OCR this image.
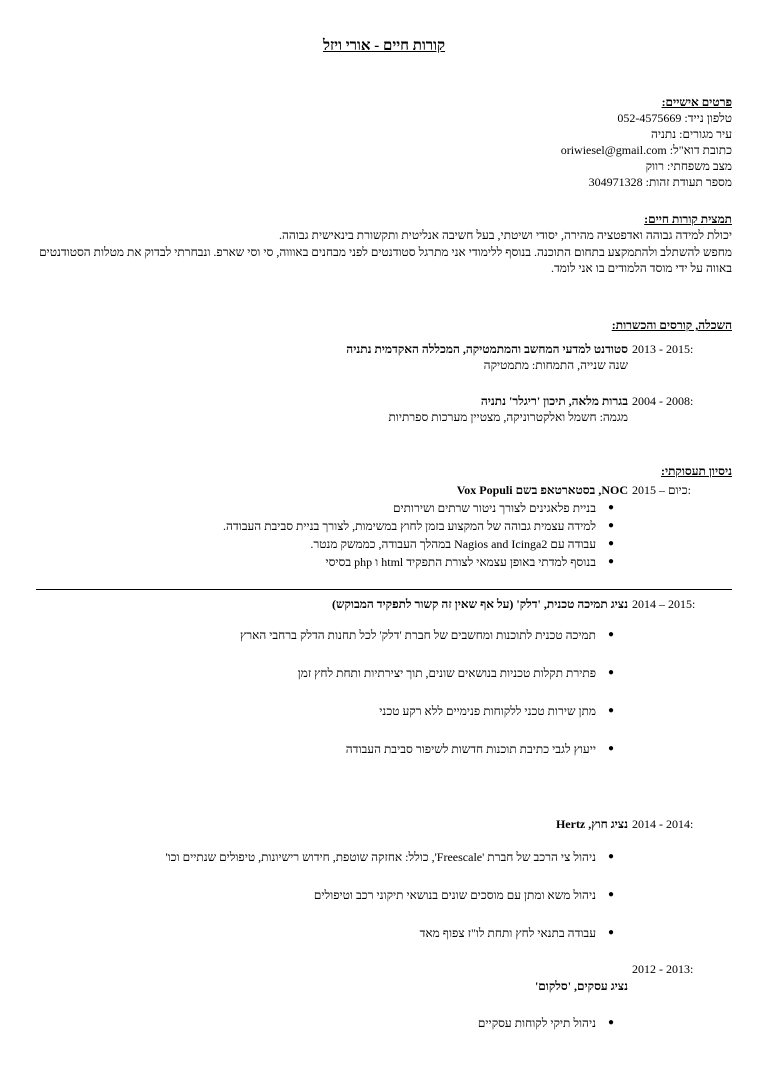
קורות חיים - אורי ויזל
פרטים אישיים:
טלפון נייד: 052-4575669
עיר מגורים: נתניה
כתובת דוא"ל: oriwiesel@gmail.com
מצב משפחתי: רווק
מספר תעודת זהות: 304971328
תמצית קורות חיים:
יכולת למידה גבוהה ואדפטציה מהירה, יסודי ושיטתי, בעל חשיבה אנליטית ותקשורת בינאישית גבוהה.
מחפש להשתלב ולהתמקצע בתחום התוכנה. בנוסף ללימודי אני מתרגל סטודנטים לפני מבחנים באוווה, סי וסי שארפ. ונבחרתי לבדוק את מטלות הסטודנטים באווה על ידי מוסד הלמודים בו אני לומד.
השכלה, קורסים והכשרות:
2013 - 2015:
סטודנט למדעי המחשב והמתמטיקה, המכללה האקדמית נתניה
שנה שנייה, התמחות: מתמטיקה
2004 - 2008:
בגרות מלאה, תיכון 'ריגלר' נתניה
מגמה: חשמל ואלקטרוניקה, מצטיין מערכות ספרתיות
ניסיון תעסוקתי:
2015 – כיום:
NOC, בסטארטאפ בשם Vox Populi
●
בניית פלאגינים לצורך ניטור שרתים ושירותים
●
למידה עצמית גבוהה של המקצוע בזמן לחוץ במשימות, לצורך בניית סביבת העבודה.
●
עבודה עם Nagios and Icinga2 במהלך העבודה, כממשק מנטר.
●
בנוסף למדתי באופן עצמאי לצורת התפקיד html ו php בסיסי
2014 – 2015:
נציג תמיכה טכנית, 'דלק' (על אף שאין זה קשור לתפקיד המבוקש)
●
תמיכה טכנית לתוכנות ומחשבים של חברת 'דלק' לכל תחנות הדלק ברחבי הארץ
●
פתירת תקלות טכניות בנושאים שונים, תוך יצירתיות ותחת לחץ זמן
●
מתן שירות טכני ללקוחות פנימיים ללא רקע טכני
●
ייעוץ לגבי כתיבת תוכנות חדשות לשיפור סביבת העבודה
2014 - 2014:
נציג חוץ, Hertz
●
ניהול צי הרכב של חברת 'Freescale', כולל: אחזקה שוטפת, חידוש רישיונות, טיפולים שנתיים וכו'
●
ניהול משא ומתן עם מוסכים שונים בנושאי תיקוני רכב וטיפולים
●
עבודה בתנאי לחץ ותחת לו"ז צפוף מאד
2012 - 2013:
נציג עסקים, 'סלקום'
●
ניהול תיקי לקוחות עסקיים
